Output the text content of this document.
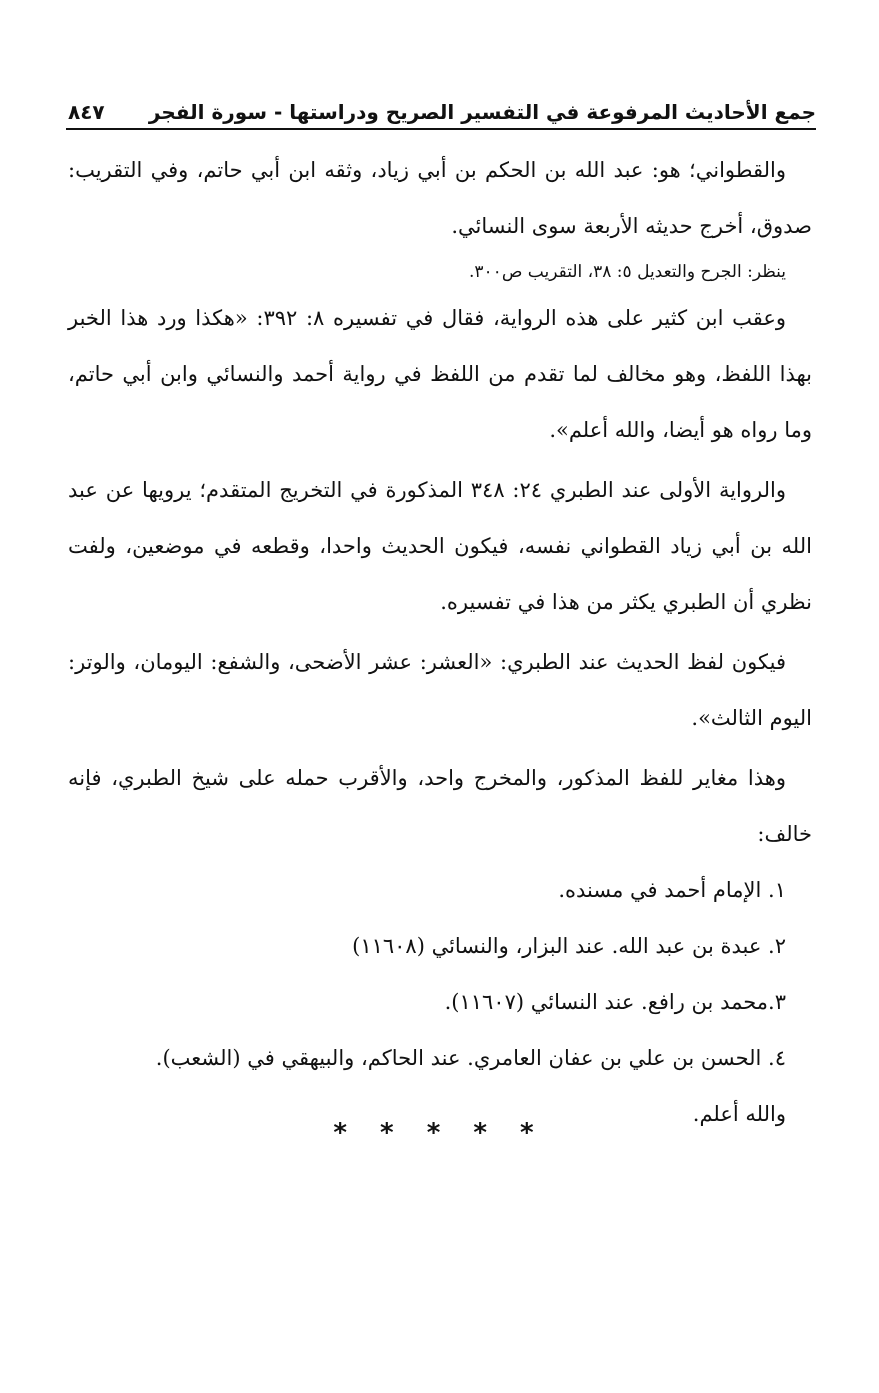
جمع الأحاديث المرفوعة في التفسير الصريح ودراستها - سورة الفجر
٨٤٧

والقطواني؛ هو: عبد الله بن الحكم بن أبي زياد، وثقه ابن أبي حاتم، وفي التقريب: صدوق، أخرج حديثه الأربعة سوى النسائي.

ينظر: الجرح والتعديل ٥: ٣٨، التقريب ص٣٠٠.

وعقب ابن كثير على هذه الرواية، فقال في تفسيره ٨: ٣٩٢: «هكذا ورد هذا الخبر بهذا اللفظ، وهو مخالف لما تقدم من اللفظ في رواية أحمد والنسائي وابن أبي حاتم، وما رواه هو أيضا، والله أعلم».

والرواية الأولى عند الطبري ٢٤: ٣٤٨ المذكورة في التخريج المتقدم؛ يرويها عن عبد الله بن أبي زياد القطواني نفسه، فيكون الحديث واحدا، وقطعه في موضعين، ولفت نظري أن الطبري يكثر من هذا في تفسيره.

فيكون لفظ الحديث عند الطبري: «العشر: عشر الأضحى، والشفع: اليومان، والوتر: اليوم الثالث».

وهذا مغاير للفظ المذكور، والمخرج واحد، والأقرب حمله على شيخ الطبري، فإنه خالف:

١. الإمام أحمد في مسنده.

٢. عبدة بن عبد الله. عند البزار، والنسائي (١١٦٠٨)

٣.محمد بن رافع. عند النسائي (١١٦٠٧).

٤. الحسن بن علي بن عفان العامري. عند الحاكم، والبيهقي في (الشعب).

والله أعلم.

* * * * *
